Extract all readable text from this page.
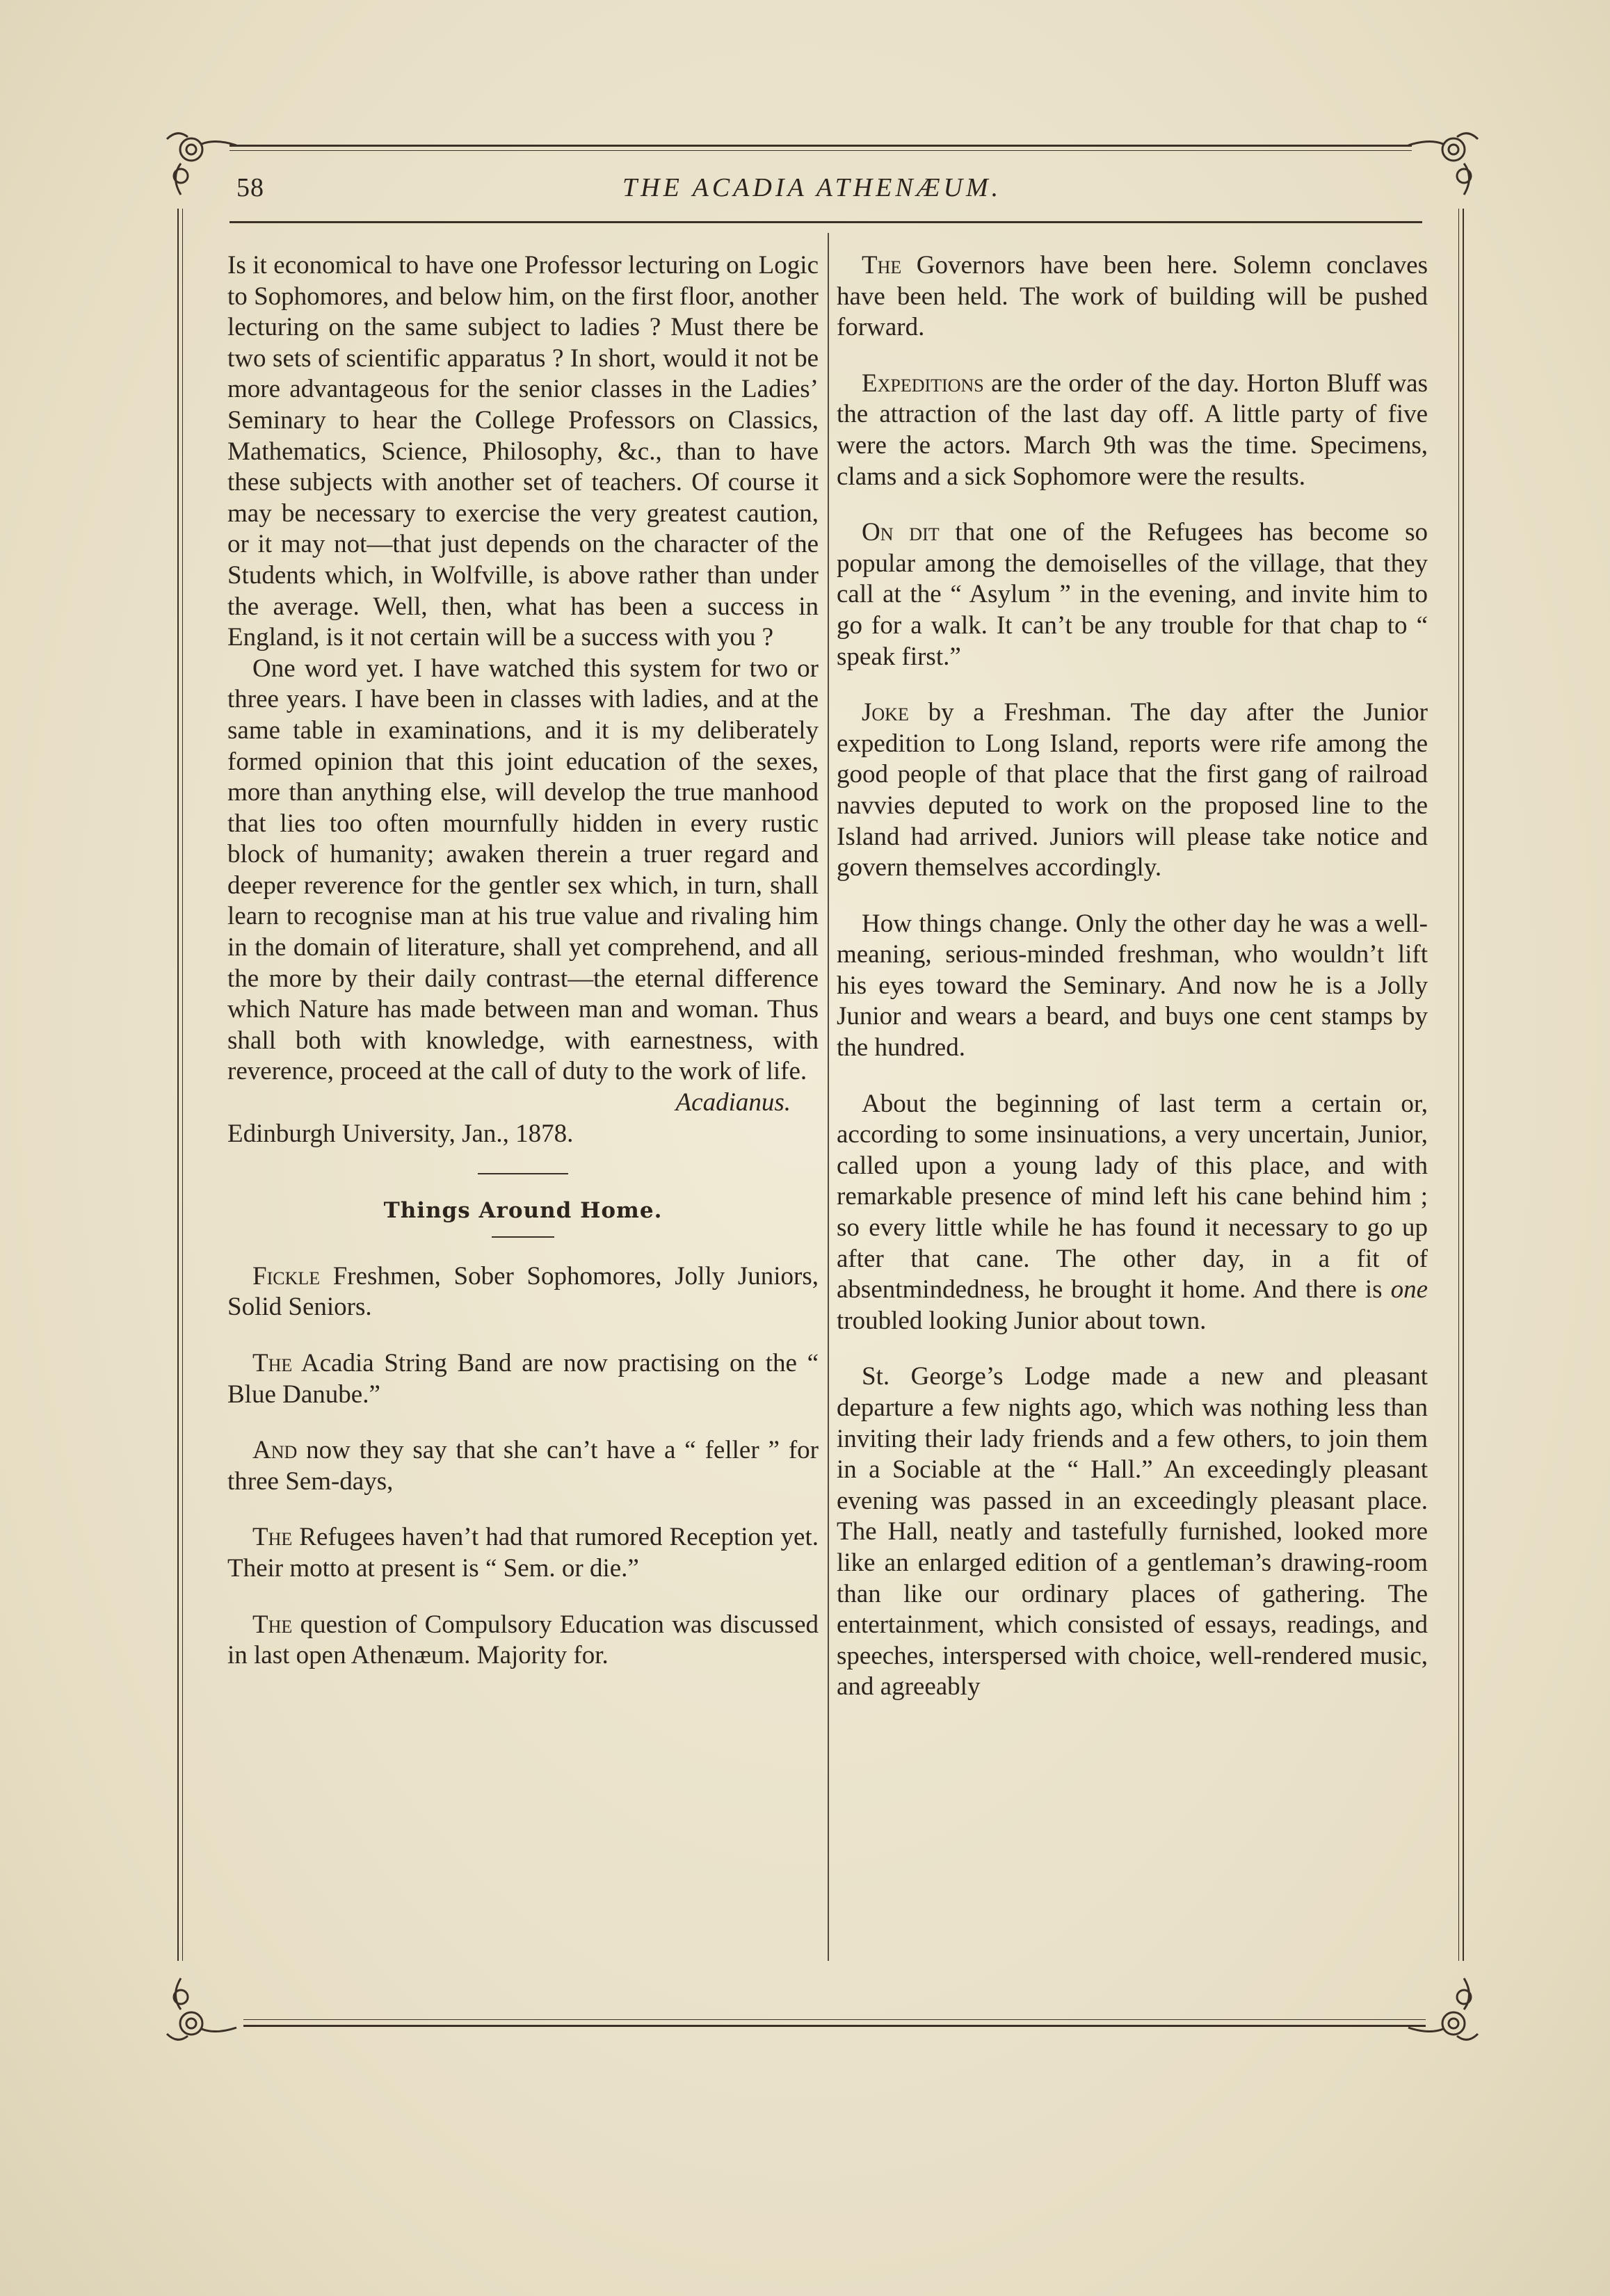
58	THE ACADIA ATHENÆUM.

Is it economical to have one Professor lecturing on Logic to Sophomores, and below him, on the first floor, another lecturing on the same subject to ladies ? Must there be two sets of scientific apparatus ? In short, would it not be more advantageous for the senior classes in the Ladies’ Seminary to hear the College Professors on Classics, Mathematics, Science, Philosophy, &c., than to have these subjects with another set of teachers. Of course it may be necessary to exercise the very greatest caution, or it may not—that just depends on the character of the Students which, in Wolfville, is above rather than under the average. Well, then, what has been a success in England, is it not certain will be a success with you ?

One word yet. I have watched this system for two or three years. I have been in classes with ladies, and at the same table in examinations, and it is my deliberately formed opinion that this joint education of the sexes, more than anything else, will develop the true manhood that lies too often mournfully hidden in every rustic block of humanity; awaken therein a truer regard and deeper reverence for the gentler sex which, in turn, shall learn to recognise man at his true value and rivaling him in the domain of literature, shall yet comprehend, and all the more by their daily contrast—the eternal difference which Nature has made between man and woman. Thus shall both with knowledge, with earnestness, with reverence, proceed at the call of duty to the work of life.

Acadianus.

Edinburgh University, Jan., 1878.

Things Around Home.

Fickle Freshmen, Sober Sophomores, Jolly Juniors, Solid Seniors.

The Acadia String Band are now practising on the “ Blue Danube.”

And now they say that she can’t have a “ feller ” for three Sem-days,

The Refugees haven’t had that rumored Reception yet. Their motto at present is “ Sem. or die.”

The question of Compulsory Education was discussed in last open Athenæum. Majority for.

The Governors have been here. Solemn conclaves have been held. The work of building will be pushed forward.

Expeditions are the order of the day. Horton Bluff was the attraction of the last day off. A little party of five were the actors. March 9th was the time. Specimens, clams and a sick Sophomore were the results.

On dit that one of the Refugees has become so popular among the demoiselles of the village, that they call at the “ Asylum ” in the evening, and invite him to go for a walk. It can’t be any trouble for that chap to “ speak first.”

Joke by a Freshman. The day after the Junior expedition to Long Island, reports were rife among the good people of that place that the first gang of railroad navvies deputed to work on the proposed line to the Island had arrived. Juniors will please take notice and govern themselves accordingly.

How things change. Only the other day he was a well-meaning, serious-minded freshman, who wouldn’t lift his eyes toward the Seminary. And now he is a Jolly Junior and wears a beard, and buys one cent stamps by the hundred.

About the beginning of last term a certain or, according to some insinuations, a very uncertain, Junior, called upon a young lady of this place, and with remarkable presence of mind left his cane behind him ; so every little while he has found it necessary to go up after that cane. The other day, in a fit of absentmindedness, he brought it home. And there is one troubled looking Junior about town.

St. George’s Lodge made a new and pleasant departure a few nights ago, which was nothing less than inviting their lady friends and a few others, to join them in a Sociable at the “ Hall.” An exceedingly pleasant evening was passed in an exceedingly pleasant place. The Hall, neatly and tastefully furnished, looked more like an enlarged edition of a gentleman’s drawing-room than like our ordinary places of gathering. The entertainment, which consisted of essays, readings, and speeches, interspersed with choice, well-rendered music, and agreeably
